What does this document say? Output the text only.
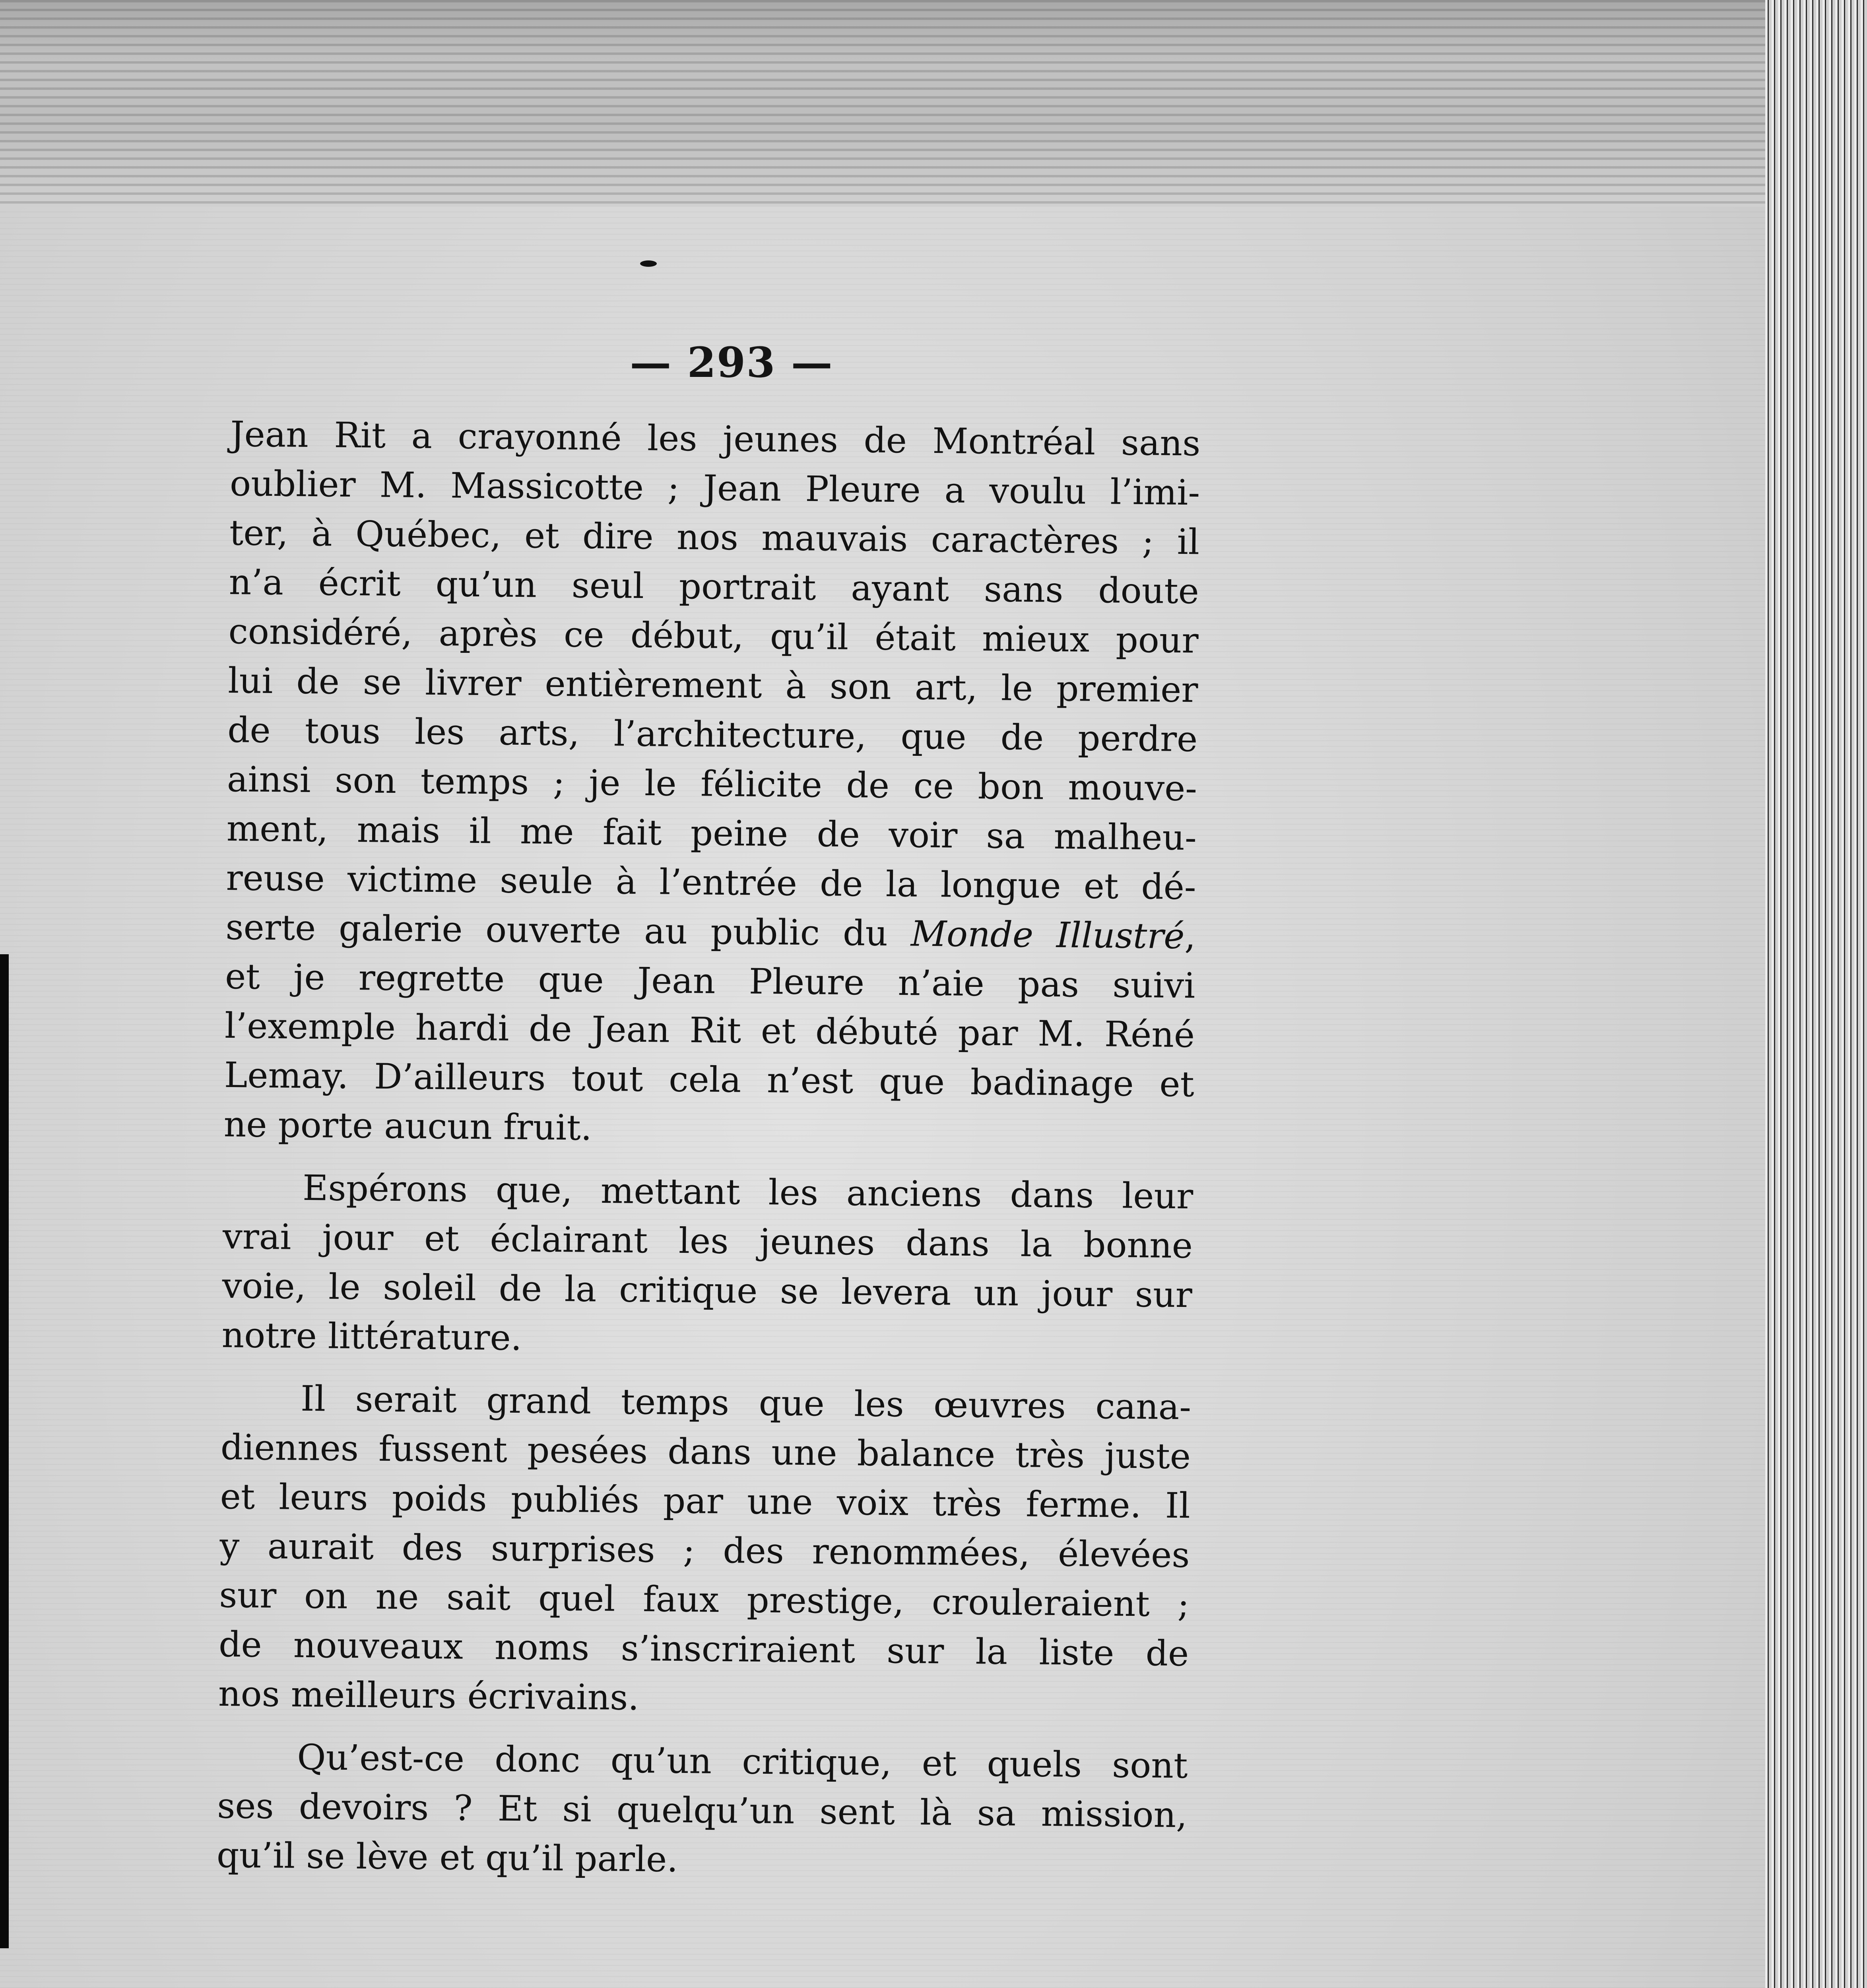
— 293 —
Jean Rit a crayonné les jeunes de Montréal sans
oublier M. Massicotte ; Jean Pleure a voulu l’imi-
ter, à Québec, et dire nos mauvais caractères ; il
n’a écrit qu’un seul portrait ayant sans doute
considéré, après ce début, qu’il était mieux pour
lui de se livrer entièrement à son art, le premier
de tous les arts, l’architecture, que de perdre
ainsi son temps ; je le félicite de ce bon mouve-
ment, mais il me fait peine de voir sa malheu-
reuse victime seule à l’entrée de la longue et dé-
serte galerie ouverte au public du Monde Illustré,
et je regrette que Jean Pleure n’aie pas suivi
l’exemple hardi de Jean Rit et débuté par M. Réné
Lemay. D’ailleurs tout cela n’est que badinage et
ne porte aucun fruit.
Espérons que, mettant les anciens dans leur
vrai jour et éclairant les jeunes dans la bonne
voie, le soleil de la critique se levera un jour sur
notre littérature.
Il serait grand temps que les œuvres cana-
diennes fussent pesées dans une balance très juste
et leurs poids publiés par une voix très ferme. Il
y aurait des surprises ; des renommées, élevées
sur on ne sait quel faux prestige, crouleraient ;
de nouveaux noms s’inscriraient sur la liste de
nos meilleurs écrivains.
Qu’est-ce donc qu’un critique, et quels sont
ses devoirs ? Et si quelqu’un sent là sa mission,
qu’il se lève et qu’il parle.
